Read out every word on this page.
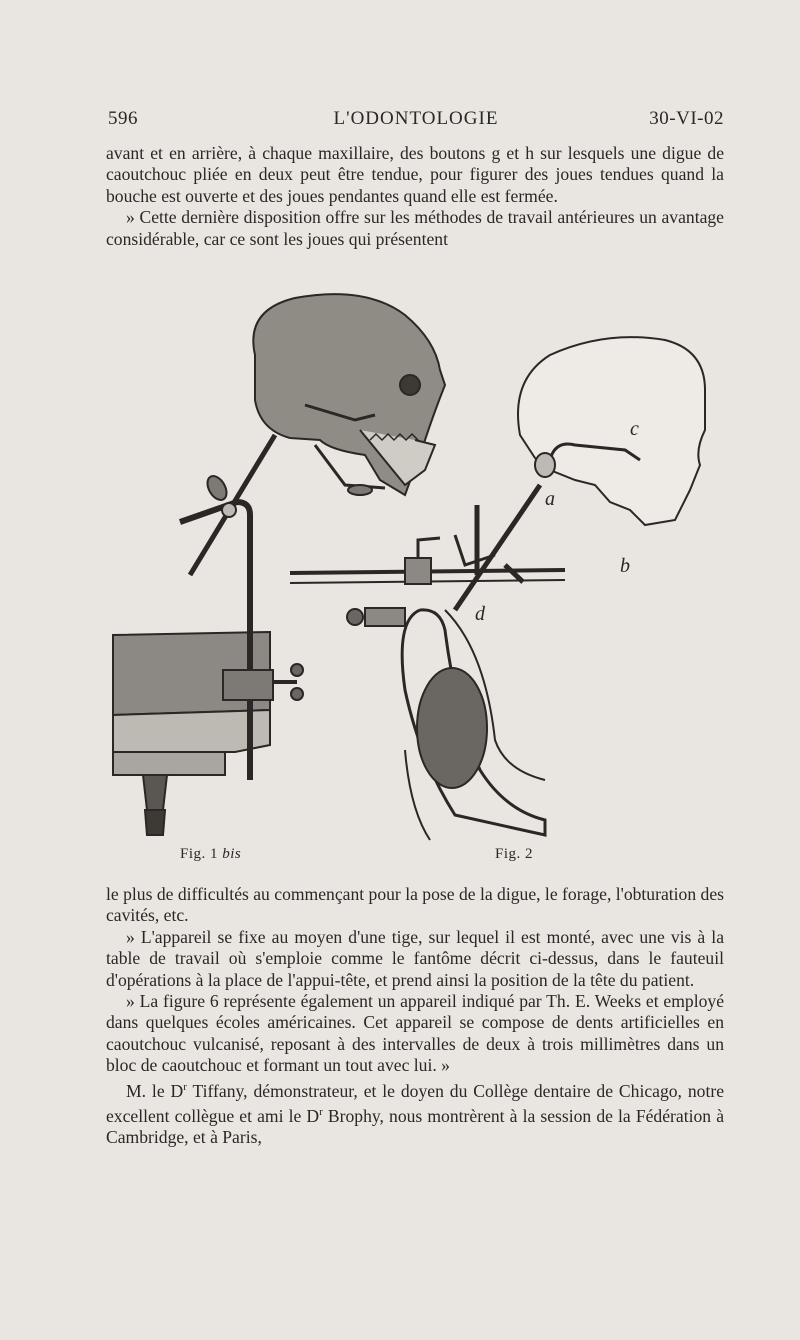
596	L'ODONTOLOGIE	30-VI-02

avant et en arrière, à chaque maxillaire, des boutons g et h sur lesquels une digue de caoutchouc pliée en deux peut être tendue, pour figurer des joues tendues quand la bouche est ouverte et des joues pendantes quand elle est fermée.

» Cette dernière disposition offre sur les méthodes de travail antérieures un avantage considérable, car ce sont les joues qui présentent

c
a
b
d
Fig. 1 bis	Fig. 2

le plus de difficultés au commençant pour la pose de la digue, le forage, l'obturation des cavités, etc.

» L'appareil se fixe au moyen d'une tige, sur lequel il est monté, avec une vis à la table de travail où s'emploie comme le fantôme décrit ci-dessus, dans le fauteuil d'opérations à la place de l'appui-tête, et prend ainsi la position de la tête du patient.

» La figure 6 représente également un appareil indiqué par Th. E. Weeks et employé dans quelques écoles américaines. Cet appareil se compose de dents artificielles en caoutchouc vulcanisé, reposant à des intervalles de deux à trois millimètres dans un bloc de caoutchouc et formant un tout avec lui. »

M. le $D^r$ Tiffany, démonstrateur, et le doyen du Collège dentaire de Chicago, notre excellent collègue et ami le $D^r$ Brophy, nous montrèrent à la session de la Fédération à Cambridge, et à Paris,
